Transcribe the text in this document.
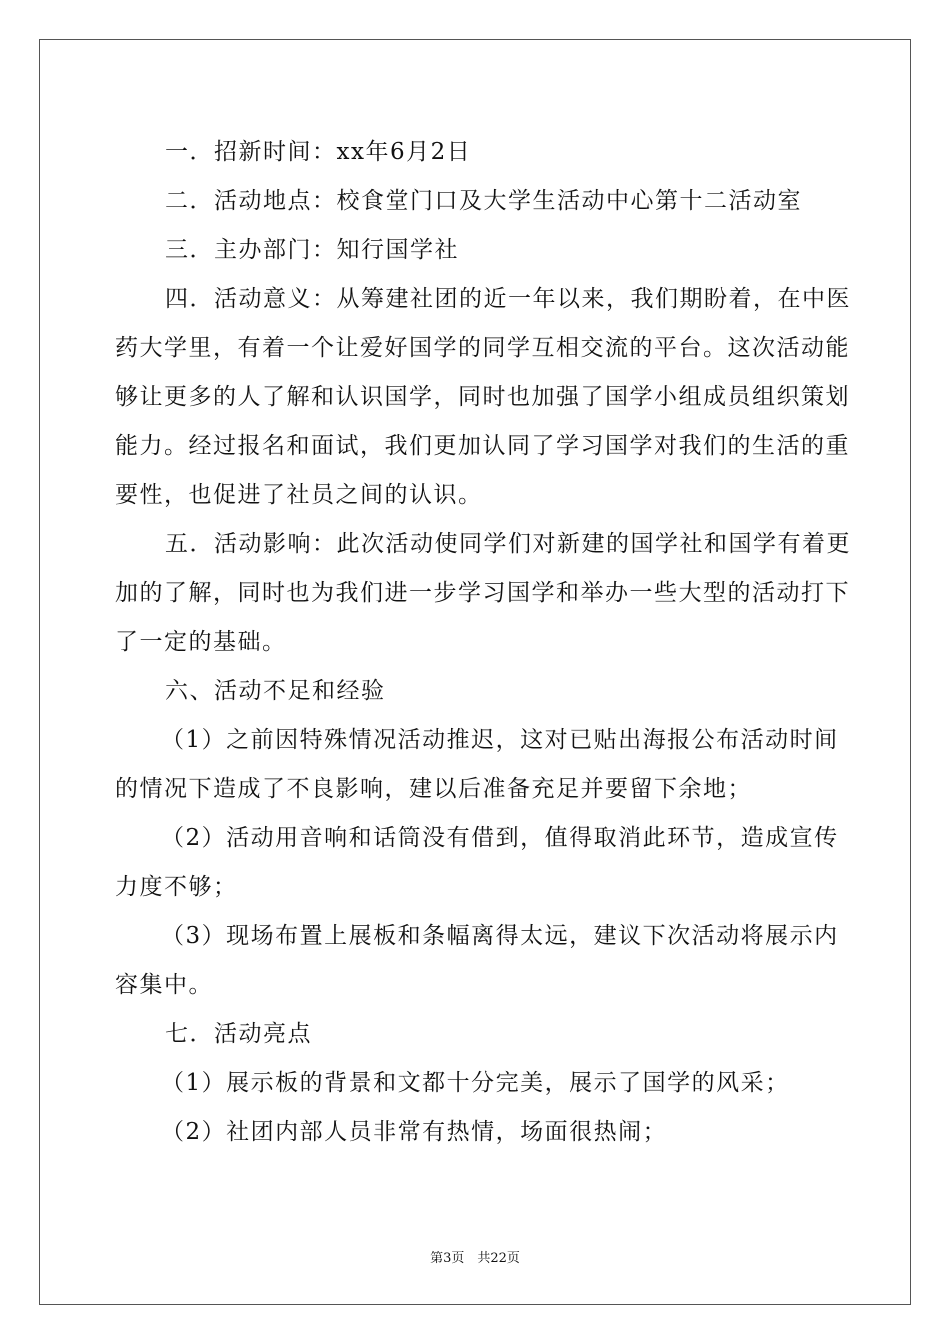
一．招新时间：xx年6月2日

二．活动地点：校食堂门口及大学生活动中心第十二活动室

三．主办部门：知行国学社

四．活动意义：从筹建社团的近一年以来，我们期盼着，在中医

药大学里，有着一个让爱好国学的同学互相交流的平台。这次活动能

够让更多的人了解和认识国学，同时也加强了国学小组成员组织策划

能力。经过报名和面试，我们更加认同了学习国学对我们的生活的重

要性，也促进了社员之间的认识。

五．活动影响：此次活动使同学们对新建的国学社和国学有着更

加的了解，同时也为我们进一步学习国学和举办一些大型的活动打下

了一定的基础。

六、活动不足和经验

（1）之前因特殊情况活动推迟，这对已贴出海报公布活动时间

的情况下造成了不良影响，建以后准备充足并要留下余地；

（2）活动用音响和话筒没有借到，值得取消此环节，造成宣传

力度不够；

（3）现场布置上展板和条幅离得太远，建议下次活动将展示内

容集中。

七．活动亮点

（1）展示板的背景和文都十分完美，展示了国学的风采；

（2）社团内部人员非常有热情，场面很热闹；

第3页　共22页
